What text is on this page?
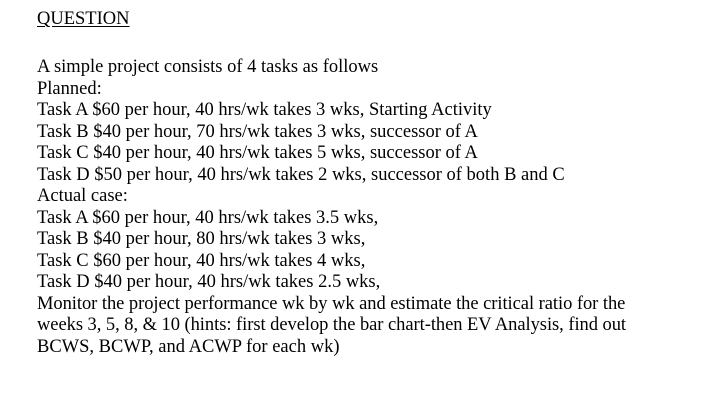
QUESTION
A simple project consists of 4 tasks as follows
Planned:
Task A $60 per hour, 40 hrs/wk takes 3 wks, Starting Activity
Task B $40 per hour, 70 hrs/wk takes 3 wks, successor of A
Task C $40 per hour, 40 hrs/wk takes 5 wks, successor of A
Task D $50 per hour, 40 hrs/wk takes 2 wks, successor of both B and C
Actual case:
Task A $60 per hour, 40 hrs/wk takes 3.5 wks,
Task B $40 per hour, 80 hrs/wk takes 3 wks,
Task C $60 per hour, 40 hrs/wk takes 4 wks,
Task D $40 per hour, 40 hrs/wk takes 2.5 wks,
Monitor the project performance wk by wk and estimate the critical ratio for the
weeks 3, 5, 8, & 10 (hints: first develop the bar chart-then EV Analysis, find out
BCWS, BCWP, and ACWP for each wk)
